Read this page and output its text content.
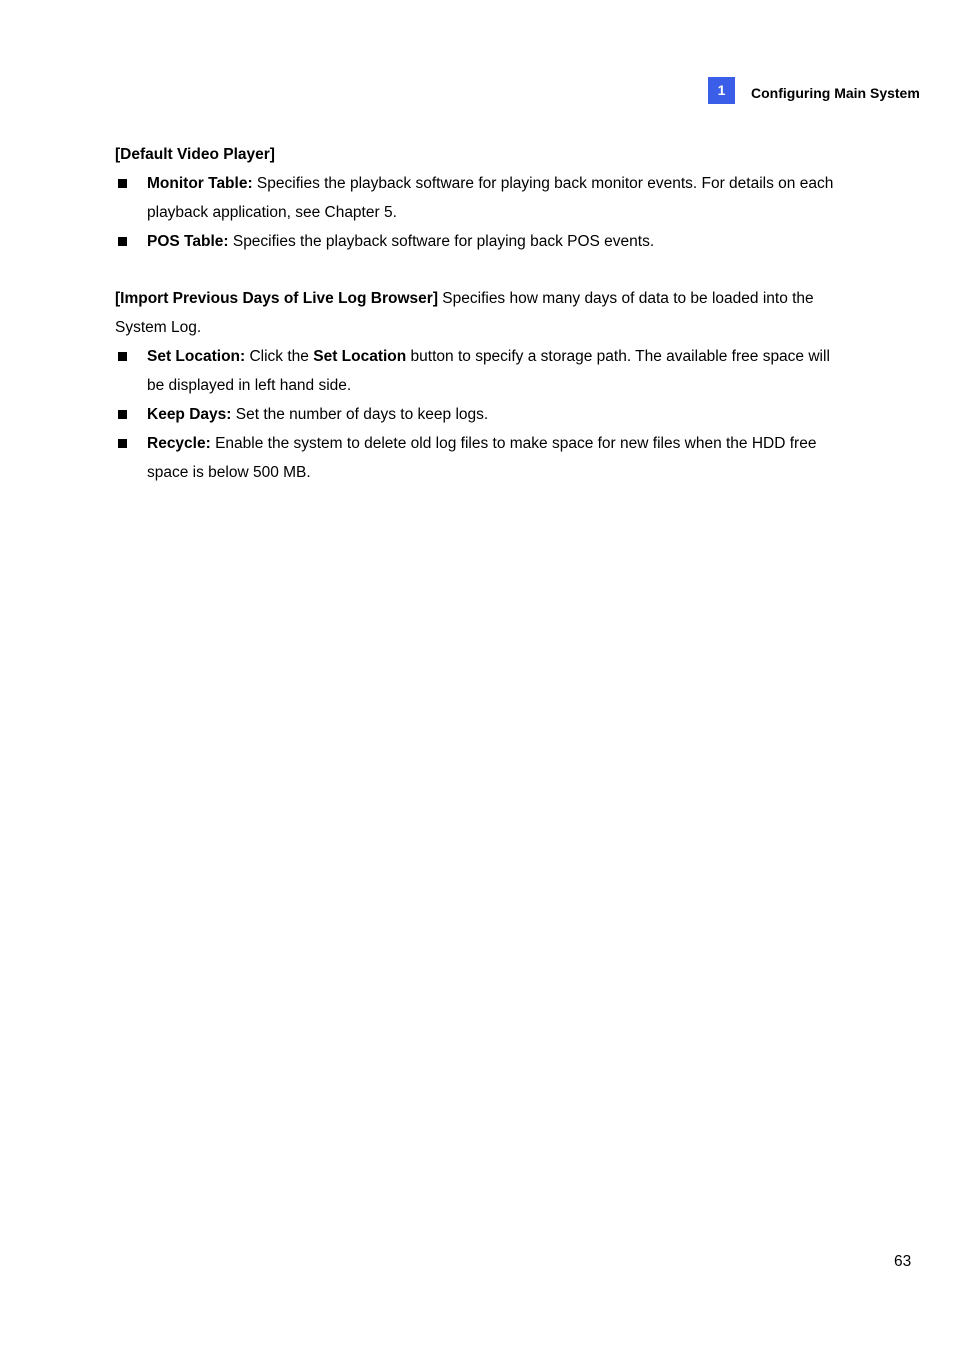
1	Configuring Main System

[Default Video Player]

Monitor Table: Specifies the playback software for playing back monitor events. For details on each playback application, see Chapter 5.
POS Table: Specifies the playback software for playing back POS events.

[Import Previous Days of Live Log Browser] Specifies how many days of data to be loaded into the System Log.

Set Location: Click the Set Location button to specify a storage path. The available free space will be displayed in left hand side.
Keep Days: Set the number of days to keep logs.
Recycle: Enable the system to delete old log files to make space for new files when the HDD free space is below 500 MB.
63
